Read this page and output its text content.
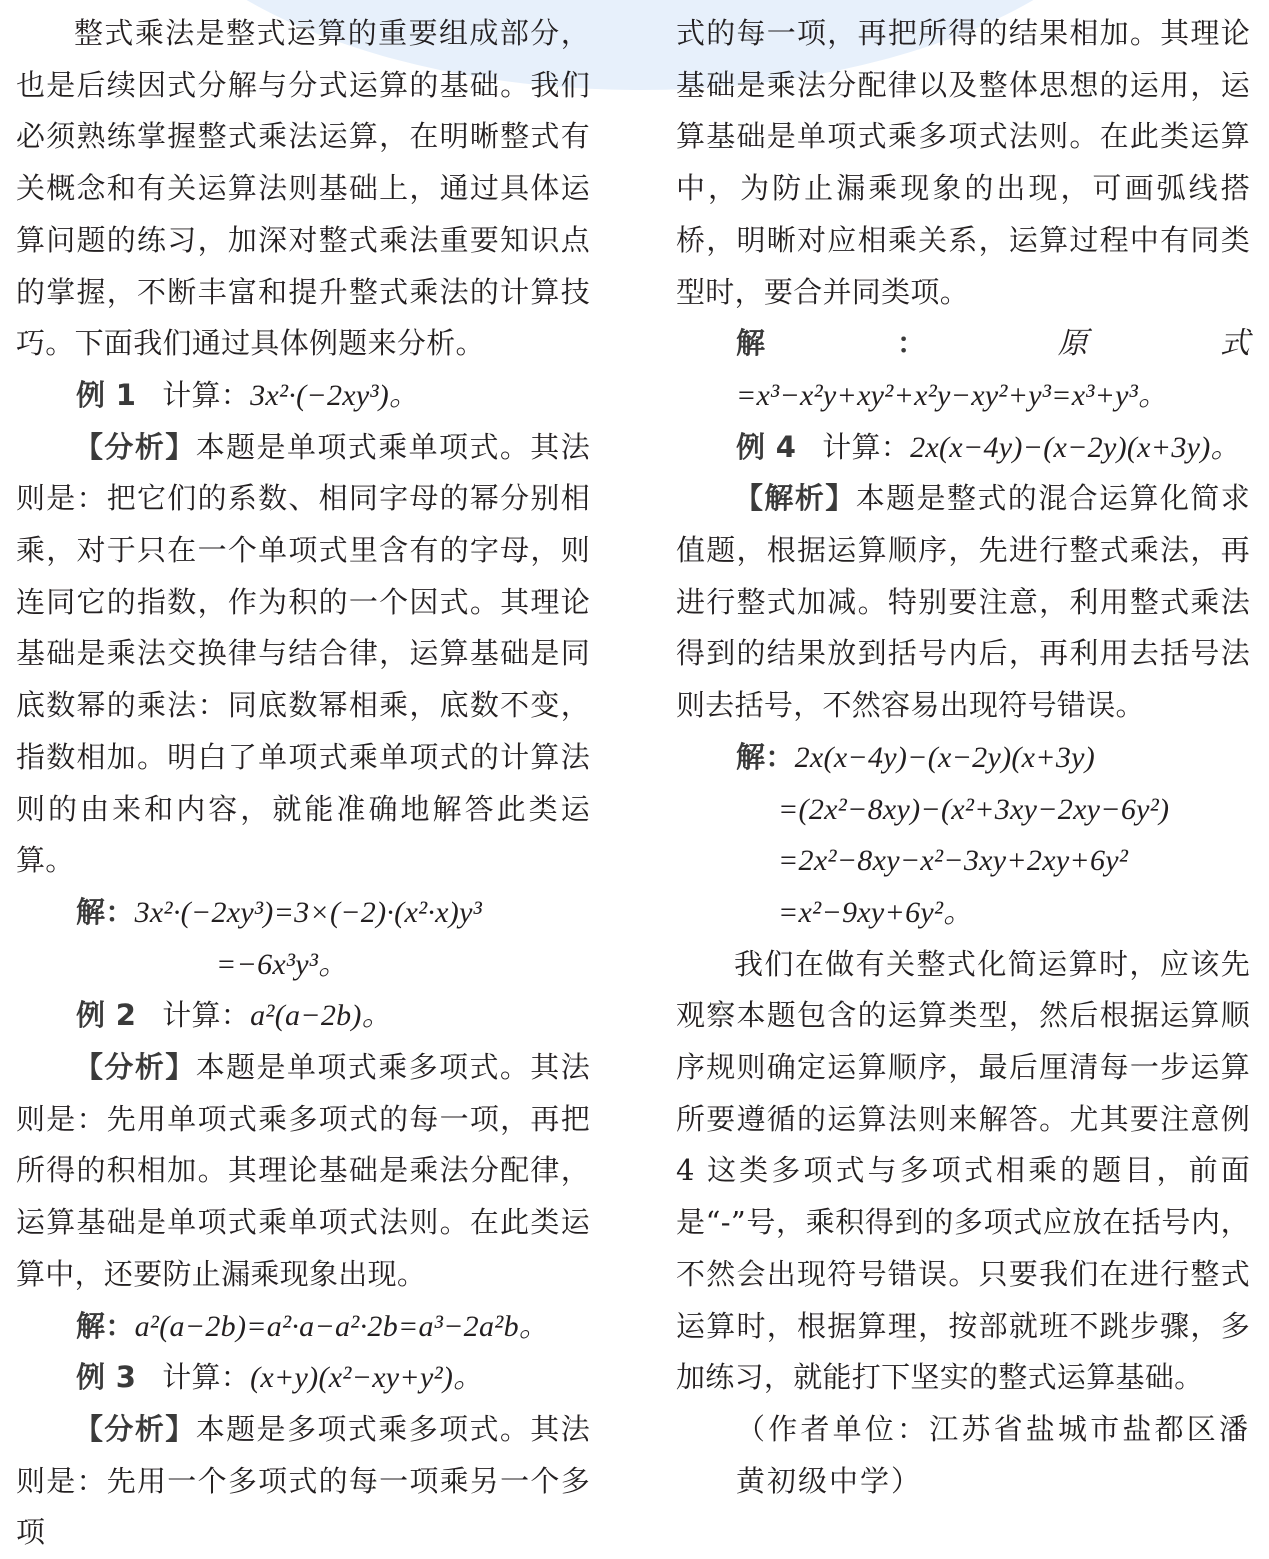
整式乘法是整式运算的重要组成部分，也是后续因式分解与分式运算的基础。我们必须熟练掌握整式乘法运算，在明晰整式有关概念和有关运算法则基础上，通过具体运算问题的练习，加深对整式乘法重要知识点的掌握，不断丰富和提升整式乘法的计算技巧。下面我们通过具体例题来分析。

例 1 计算：3x²·(−2xy³)。

【分析】本题是单项式乘单项式。其法则是：把它们的系数、相同字母的幂分别相乘，对于只在一个单项式里含有的字母，则连同它的指数，作为积的一个因式。其理论基础是乘法交换律与结合律，运算基础是同底数幂的乘法：同底数幂相乘，底数不变，指数相加。明白了单项式乘单项式的计算法则的由来和内容，就能准确地解答此类运算。

解：3x²·(−2xy³)=3×(−2)·(x²·x)y³

=−6x³y³。

例 2 计算：a²(a−2b)。

【分析】本题是单项式乘多项式。其法则是：先用单项式乘多项式的每一项，再把所得的积相加。其理论基础是乘法分配律，运算基础是单项式乘单项式法则。在此类运算中，还要防止漏乘现象出现。

解：a²(a−2b)=a²·a−a²·2b=a³−2a²b。

例 3 计算：(x+y)(x²−xy+y²)。

【分析】本题是多项式乘多项式。其法则是：先用一个多项式的每一项乘另一个多项

式的每一项，再把所得的结果相加。其理论基础是乘法分配律以及整体思想的运用，运算基础是单项式乘多项式法则。在此类运算中，为防止漏乘现象的出现，可画弧线搭桥，明晰对应相乘关系，运算过程中有同类型时，要合并同类项。

解：原式=x³−x²y+xy²+x²y−xy²+y³=x³+y³。

例 4 计算：2x(x−4y)−(x−2y)(x+3y)。

【解析】本题是整式的混合运算化简求值题，根据运算顺序，先进行整式乘法，再进行整式加减。特别要注意，利用整式乘法得到的结果放到括号内后，再利用去括号法则去括号，不然容易出现符号错误。

解：2x(x−4y)−(x−2y)(x+3y)

=(2x²−8xy)−(x²+3xy−2xy−6y²)

=2x²−8xy−x²−3xy+2xy+6y²

=x²−9xy+6y²。

我们在做有关整式化简运算时，应该先观察本题包含的运算类型，然后根据运算顺序规则确定运算顺序，最后厘清每一步运算所要遵循的运算法则来解答。尤其要注意例 4 这类多项式与多项式相乘的题目，前面是“-”号，乘积得到的多项式应放在括号内，不然会出现符号错误。只要我们在进行整式运算时，根据算理，按部就班不跳步骤，多加练习，就能打下坚实的整式运算基础。

（作者单位：江苏省盐城市盐都区潘黄初级中学）
